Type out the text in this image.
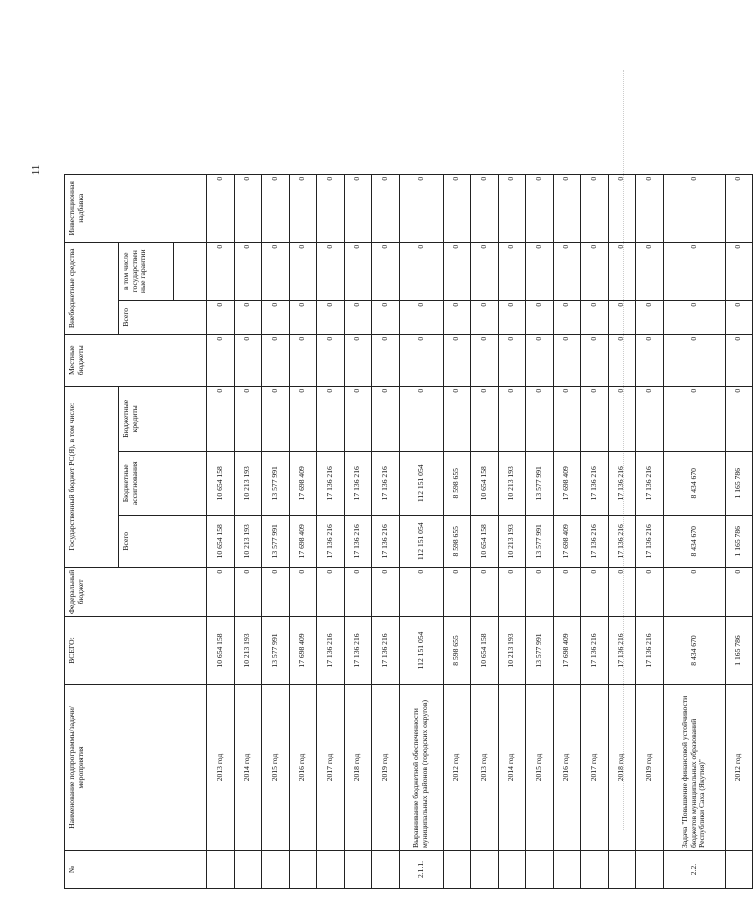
11
№	Наименование подпрограммы/задачи/мероприятия	ВСЕГО:	Федеральный бюджет	Государственный бюджет РС(Я), в том числе:			Местные бюджеты	Внебюджетные средства		Инвестиционная надбавка
				Всего	Бюджетные ассигнования	Бюджетные кредиты		Всего	в том числе государствен ные гарантии	

	2013 год	10 654 158	0	10 654 158	10 654 158	0	0	0	0	0
	2014 год	10 213 193	0	10 213 193	10 213 193	0	0	0	0	0
	2015 год	13 577 991	0	13 577 991	13 577 991	0	0	0	0	0
	2016 год	17 698 409	0	17 698 409	17 698 409	0	0	0	0	0
	2017 год	17 136 216	0	17 136 216	17 136 216	0	0	0	0	0
	2018 год	17 136 216	0	17 136 216	17 136 216	0	0	0	0	0
	2019 год	17 136 216	0	17 136 216	17 136 216	0	0	0	0	0
2.1.1.	Выравнивание бюджетной обеспеченности муниципальных районов (городских округов)	112 151 054	0	112 151 054	112 151 054	0	0	0	0	0
	2012 год	8 598 655	0	8 598 655	8 598 655	0	0	0	0	0
	2013 год	10 654 158	0	10 654 158	10 654 158	0	0	0	0	0
	2014 год	10 213 193	0	10 213 193	10 213 193	0	0	0	0	0
	2015 год	13 577 991	0	13 577 991	13 577 991	0	0	0	0	0
	2016 год	17 698 409	0	17 698 409	17 698 409	0	0	0	0	0
	2017 год	17 136 216	0	17 136 216	17 136 216	0	0	0	0	0
	2018 год	17 136 216	0	17 136 216	17 136 216	0	0	0	0	0
	2019 год	17 136 216	0	17 136 216	17 136 216	0	0	0	0	0
2.2.	Задача "Повышение финансовой устойчивости бюджетов муниципальных образований Республики Саха (Якутия)"	8 434 670	0	8 434 670	8 434 670	0	0	0	0	0
	2012 год	1 165 786	0	1 165 786	1 165 786	0	0	0	0	0
